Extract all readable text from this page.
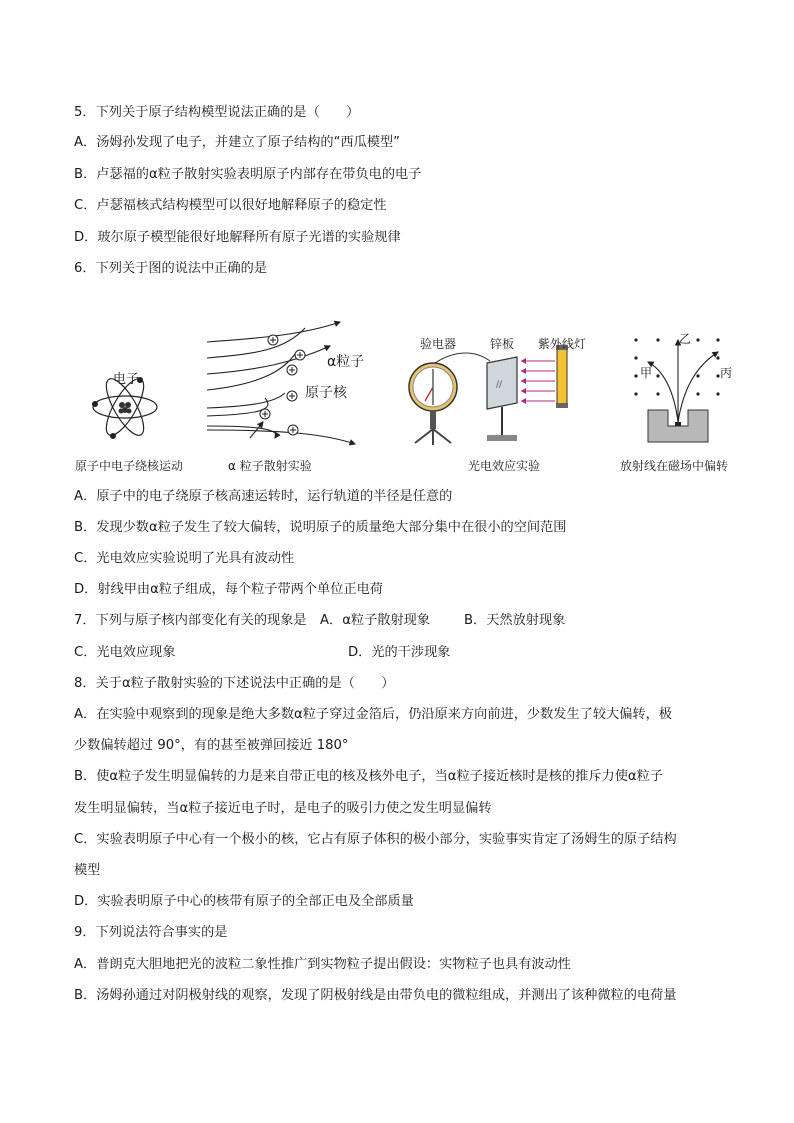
5．下列关于原子结构模型说法正确的是（　　）
A．汤姆孙发现了电子，并建立了原子结构的“西瓜模型”
B．卢瑟福的α粒子散射实验表明原子内部存在带负电的电子
C．卢瑟福核式结构模型可以很好地解释原子的稳定性
D．玻尔原子模型能很好地解释所有原子光谱的实验规律
6．下列关于图的说法中正确的是
电子
原子中电子绕核运动
α粒子
原子核
α 粒子散射实验
//
验电器	锌板 紫外线灯
光电效应实验
甲
乙
丙
放射线在磁场中偏转
A．原子中的电子绕原子核高速运转时，运行轨道的半径是任意的
B．发现少数α粒子发生了较大偏转，说明原子的质量绝大部分集中在很小的空间范围
C．光电效应实验说明了光具有波动性
D．射线甲由α粒子组成，每个粒子带两个单位正电荷
7．下列与原子核内部变化有关的现象是 A．α粒子散射现象	B．天然放射现象
C．光电效应现象	D．光的干涉现象
8．关于α粒子散射实验的下述说法中正确的是（　　）
A．在实验中观察到的现象是绝大多数α粒子穿过金箔后，仍沿原来方向前进，少数发生了较大偏转，极
少数偏转超过 90°，有的甚至被弹回接近 180°
B．使α粒子发生明显偏转的力是来自带正电的核及核外电子，当α粒子接近核时是核的推斥力使α粒子
发生明显偏转，当α粒子接近电子时，是电子的吸引力使之发生明显偏转
C．实验表明原子中心有一个极小的核，它占有原子体积的极小部分，实验事实肯定了汤姆生的原子结构
模型
D．实验表明原子中心的核带有原子的全部正电及全部质量
9．下列说法符合事实的是
A．普朗克大胆地把光的波粒二象性推广到实物粒子提出假设：实物粒子也具有波动性
B．汤姆孙通过对阴极射线的观察，发现了阴极射线是由带负电的微粒组成，并测出了该种微粒的电荷量
